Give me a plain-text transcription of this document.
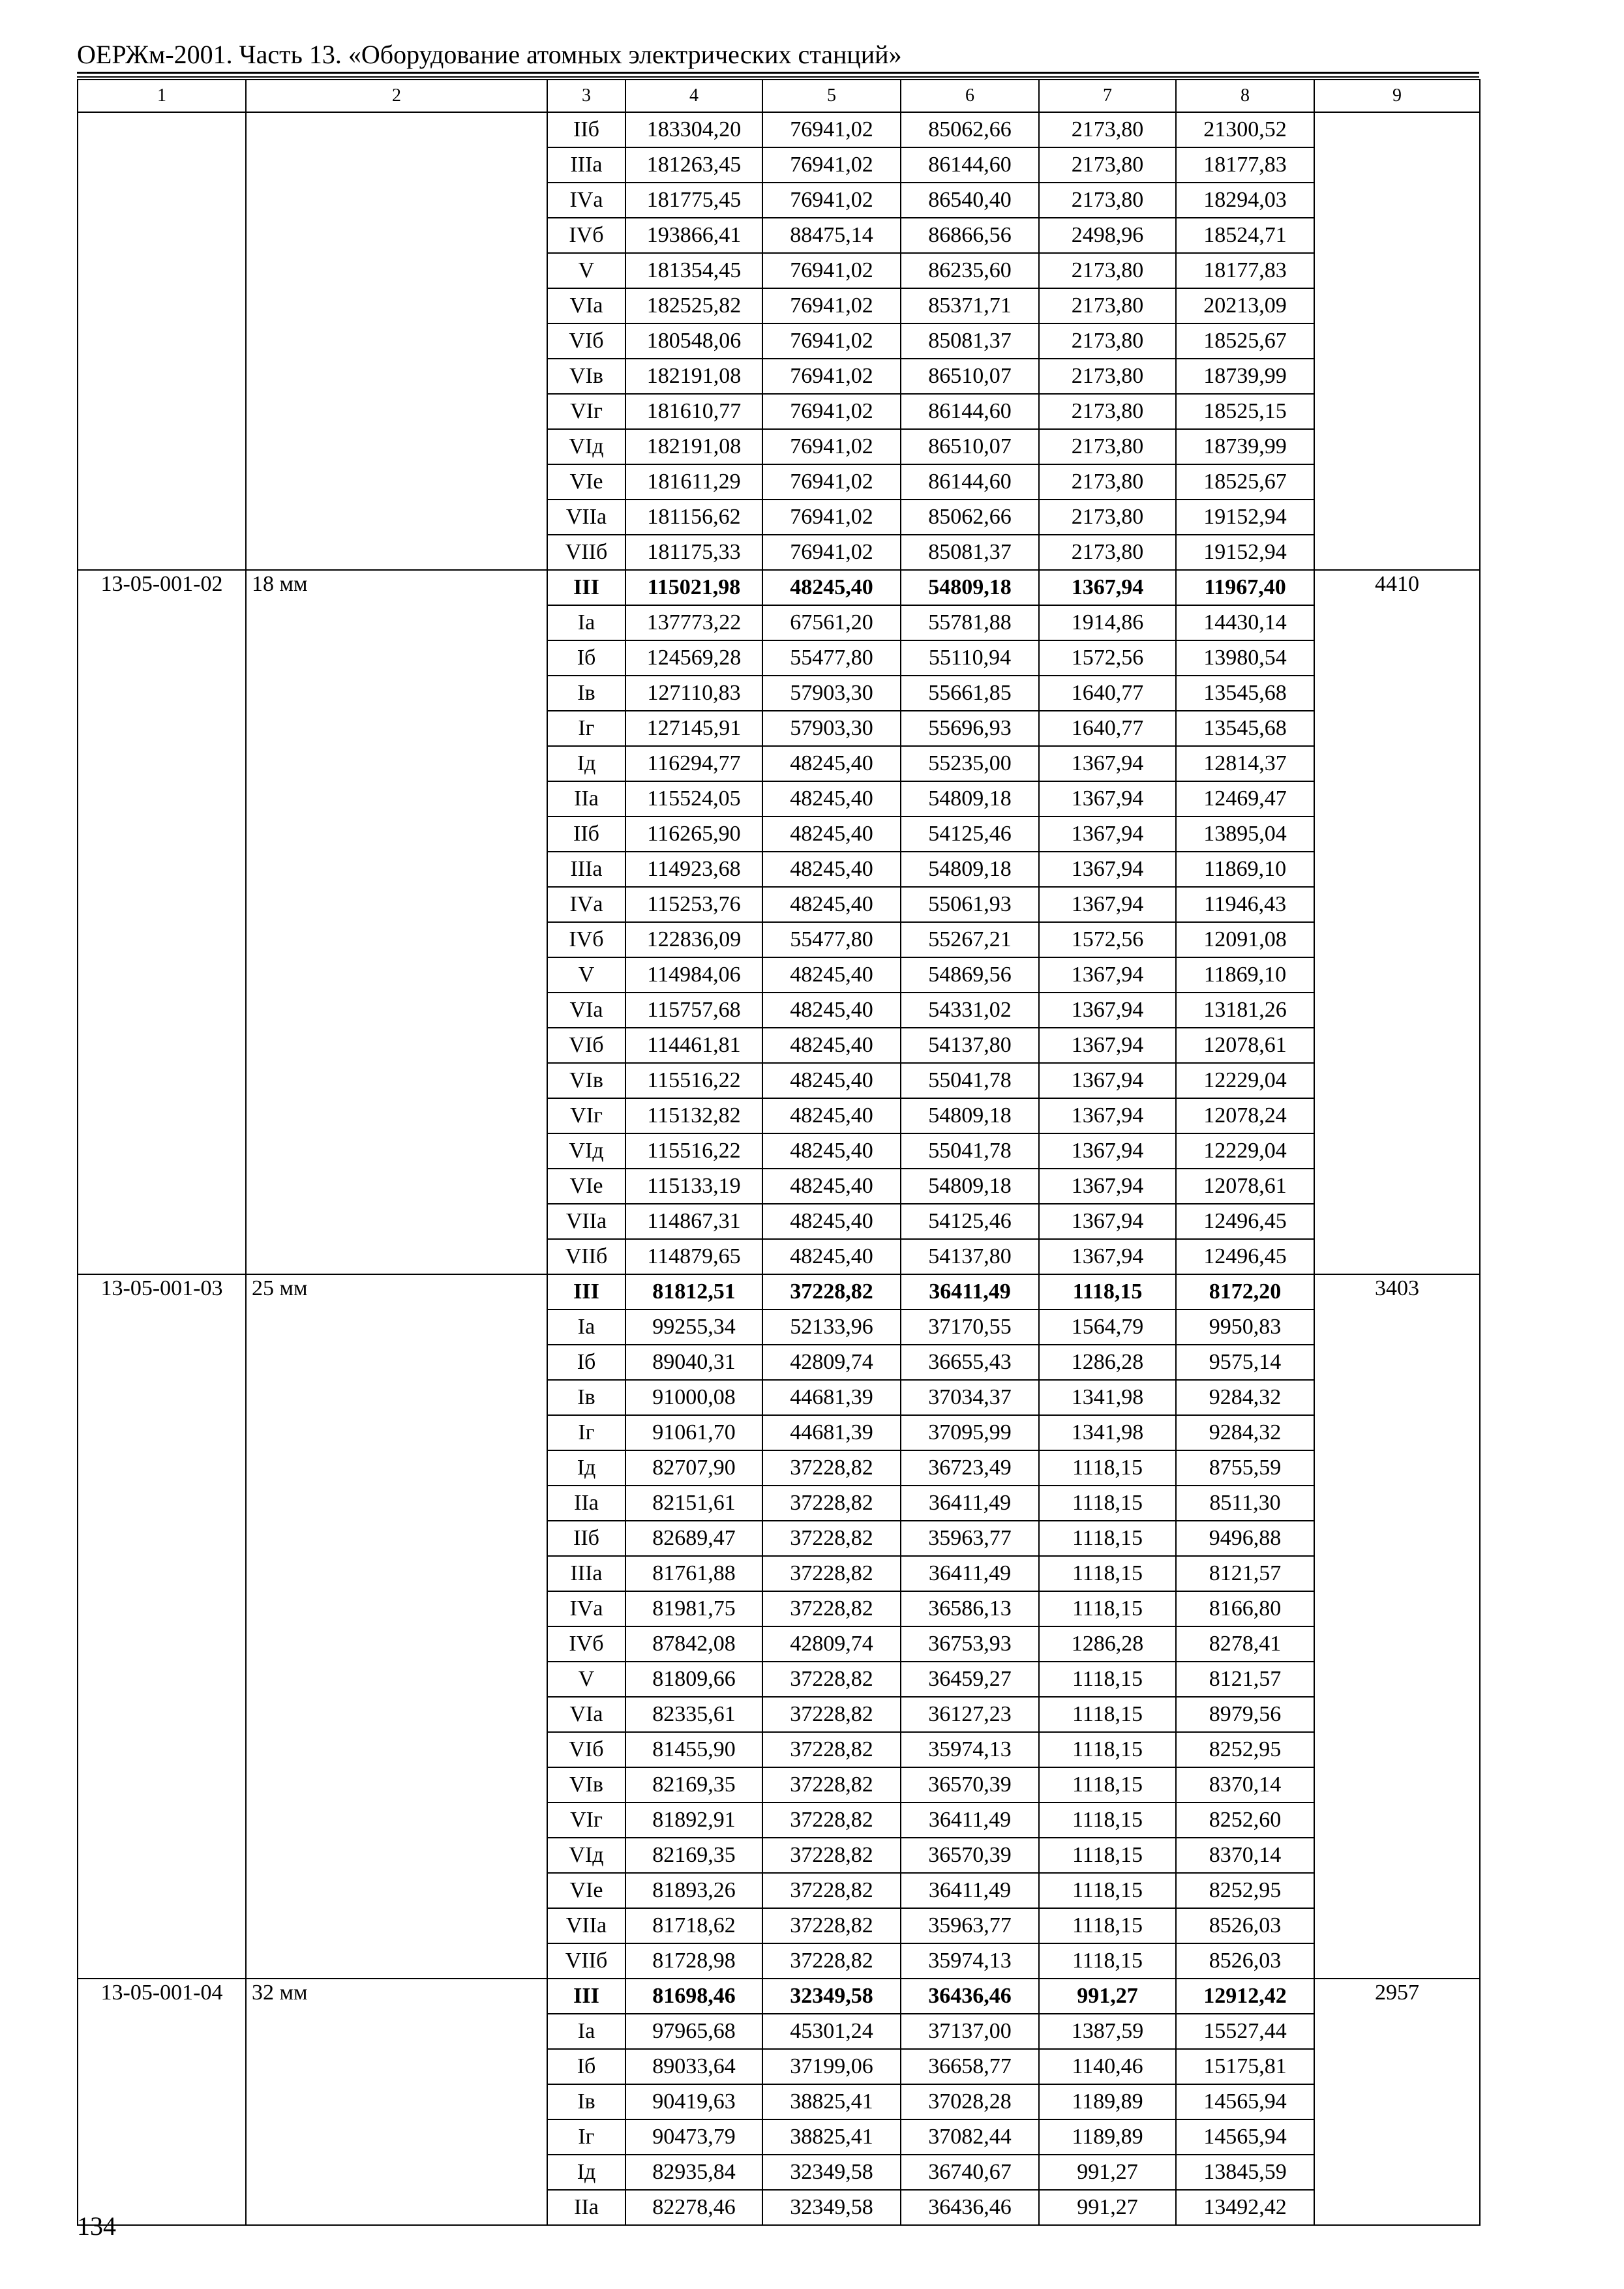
ОЕРЖм-2001. Часть 13. «Оборудование атомных электрических станций»
1	2	3	4	5	6	7	8	9
		IIб	183304,20	76941,02	85062,66	2173,80	21300,52	
		IIIа	181263,45	76941,02	86144,60	2173,80	18177,83	
		IVа	181775,45	76941,02	86540,40	2173,80	18294,03	
		IVб	193866,41	88475,14	86866,56	2498,96	18524,71	
		V	181354,45	76941,02	86235,60	2173,80	18177,83	
		VIа	182525,82	76941,02	85371,71	2173,80	20213,09	
		VIб	180548,06	76941,02	85081,37	2173,80	18525,67	
		VIв	182191,08	76941,02	86510,07	2173,80	18739,99	
		VIг	181610,77	76941,02	86144,60	2173,80	18525,15	
		VIд	182191,08	76941,02	86510,07	2173,80	18739,99	
		VIе	181611,29	76941,02	86144,60	2173,80	18525,67	
		VIIа	181156,62	76941,02	85062,66	2173,80	19152,94	
		VIIб	181175,33	76941,02	85081,37	2173,80	19152,94	
13-05-001-02	18 мм	III	115021,98	48245,40	54809,18	1367,94	11967,40	4410
		Iа	137773,22	67561,20	55781,88	1914,86	14430,14	
		Iб	124569,28	55477,80	55110,94	1572,56	13980,54	
		Iв	127110,83	57903,30	55661,85	1640,77	13545,68	
		Iг	127145,91	57903,30	55696,93	1640,77	13545,68	
		Iд	116294,77	48245,40	55235,00	1367,94	12814,37	
		IIа	115524,05	48245,40	54809,18	1367,94	12469,47	
		IIб	116265,90	48245,40	54125,46	1367,94	13895,04	
		IIIа	114923,68	48245,40	54809,18	1367,94	11869,10	
		IVа	115253,76	48245,40	55061,93	1367,94	11946,43	
		IVб	122836,09	55477,80	55267,21	1572,56	12091,08	
		V	114984,06	48245,40	54869,56	1367,94	11869,10	
		VIа	115757,68	48245,40	54331,02	1367,94	13181,26	
		VIб	114461,81	48245,40	54137,80	1367,94	12078,61	
		VIв	115516,22	48245,40	55041,78	1367,94	12229,04	
		VIг	115132,82	48245,40	54809,18	1367,94	12078,24	
		VIд	115516,22	48245,40	55041,78	1367,94	12229,04	
		VIе	115133,19	48245,40	54809,18	1367,94	12078,61	
		VIIа	114867,31	48245,40	54125,46	1367,94	12496,45	
		VIIб	114879,65	48245,40	54137,80	1367,94	12496,45	
13-05-001-03	25 мм	III	81812,51	37228,82	36411,49	1118,15	8172,20	3403
		Iа	99255,34	52133,96	37170,55	1564,79	9950,83	
		Iб	89040,31	42809,74	36655,43	1286,28	9575,14	
		Iв	91000,08	44681,39	37034,37	1341,98	9284,32	
		Iг	91061,70	44681,39	37095,99	1341,98	9284,32	
		Iд	82707,90	37228,82	36723,49	1118,15	8755,59	
		IIа	82151,61	37228,82	36411,49	1118,15	8511,30	
		IIб	82689,47	37228,82	35963,77	1118,15	9496,88	
		IIIа	81761,88	37228,82	36411,49	1118,15	8121,57	
		IVа	81981,75	37228,82	36586,13	1118,15	8166,80	
		IVб	87842,08	42809,74	36753,93	1286,28	8278,41	
		V	81809,66	37228,82	36459,27	1118,15	8121,57	
		VIа	82335,61	37228,82	36127,23	1118,15	8979,56	
		VIб	81455,90	37228,82	35974,13	1118,15	8252,95	
		VIв	82169,35	37228,82	36570,39	1118,15	8370,14	
		VIг	81892,91	37228,82	36411,49	1118,15	8252,60	
		VIд	82169,35	37228,82	36570,39	1118,15	8370,14	
		VIе	81893,26	37228,82	36411,49	1118,15	8252,95	
		VIIа	81718,62	37228,82	35963,77	1118,15	8526,03	
		VIIб	81728,98	37228,82	35974,13	1118,15	8526,03	
13-05-001-04	32 мм	III	81698,46	32349,58	36436,46	991,27	12912,42	2957
		Iа	97965,68	45301,24	37137,00	1387,59	15527,44	
		Iб	89033,64	37199,06	36658,77	1140,46	15175,81	
		Iв	90419,63	38825,41	37028,28	1189,89	14565,94	
		Iг	90473,79	38825,41	37082,44	1189,89	14565,94	
		Iд	82935,84	32349,58	36740,67	991,27	13845,59	
		IIа	82278,46	32349,58	36436,46	991,27	13492,42	
134
